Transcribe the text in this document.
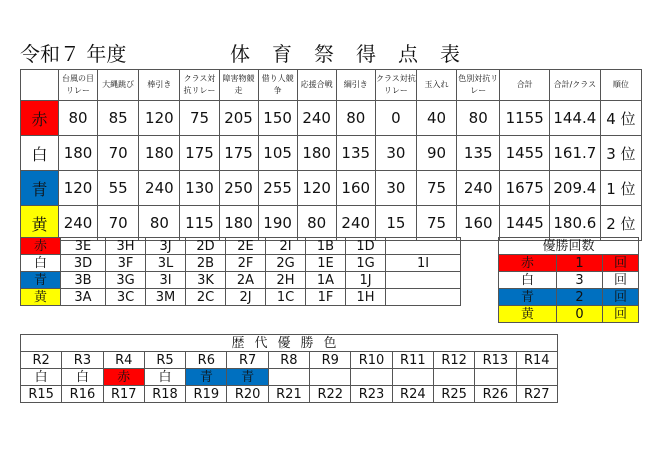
令和７ 年度	体育祭得点表
	台風の目リレー	大縄跳び	棒引き	クラス対抗リレー	障害物競走	借り人競争	応援合戦	綱引き	クラス対抗リレー	玉入れ	色別対抗リレー	合計	合計/クラス	順位
赤	80	85	120	75	205	150	240	80	0	40	80	1155	144.4	4 位
白	180	70	180	175	175	105	180	135	30	90	135	1455	161.7	3 位
青	120	55	240	130	250	255	120	160	30	75	240	1675	209.4	1 位
黄	240	70	80	115	180	190	80	240	15	75	160	1445	180.6	2 位
赤	3E	3H	3J	2D	2E	2I	1B	1D	
白	3D	3F	3L	2B	2F	2G	1E	1G	1I
青	3B	3G	3I	3K	2A	2H	1A	1J	
黄	3A	3C	3M	2C	2J	1C	1F	1H	
優勝回数		
赤	1	回
白	3	回
青	2	回
黄	0	回
歴代優勝色												
R2	R3	R4	R5	R6	R7	R8	R9	R10	R11	R12	R13	R14
白	白	赤	白	青	青							
R15	R16	R17	R18	R19	R20	R21	R22	R23	R24	R25	R26	R27
